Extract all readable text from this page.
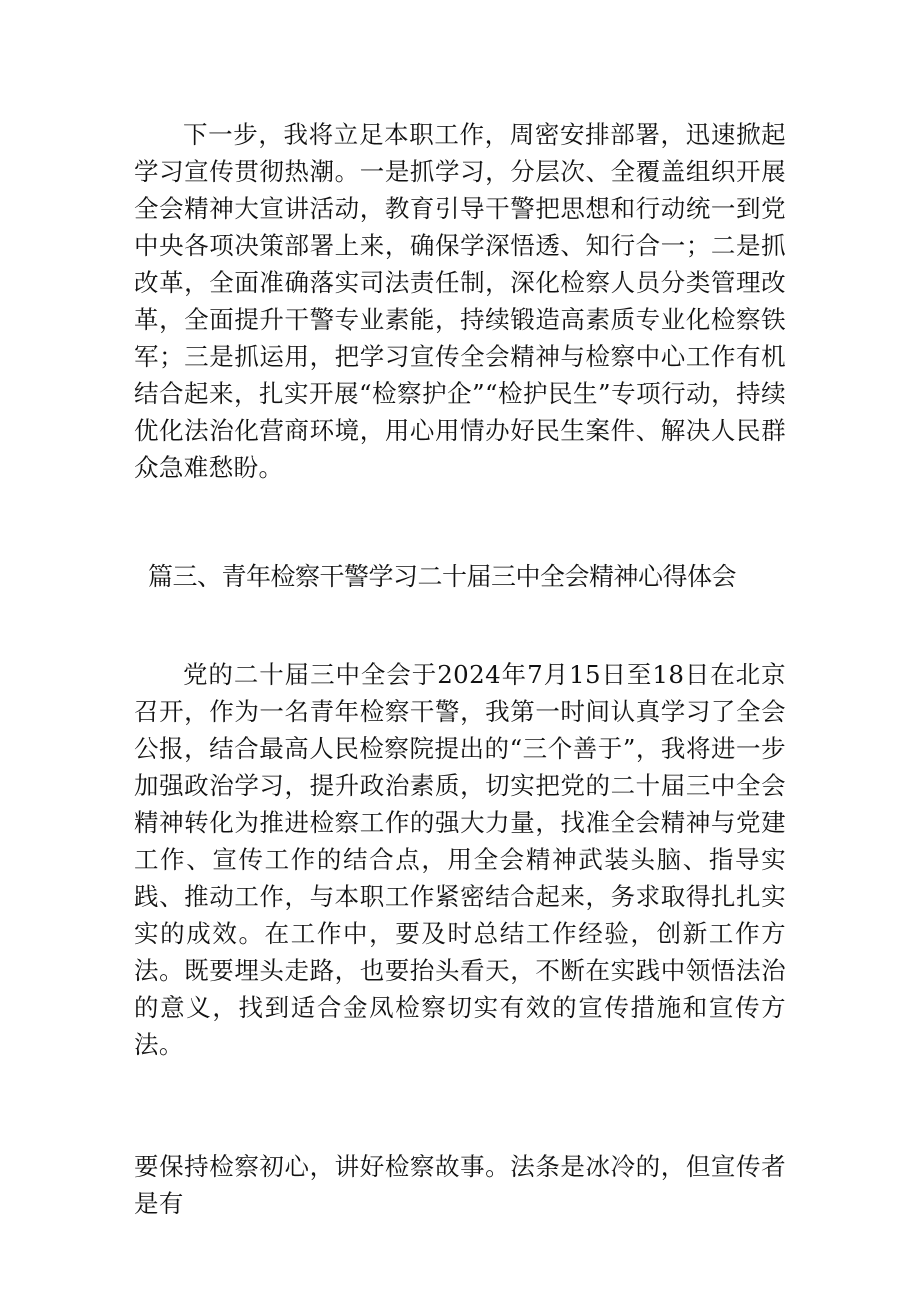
下一步，我将立足本职工作，周密安排部署，迅速掀起学习宣传贯彻热潮。一是抓学习，分层次、全覆盖组织开展全会精神大宣讲活动，教育引导干警把思想和行动统一到党中央各项决策部署上来，确保学深悟透、知行合一；二是抓改革，全面准确落实司法责任制，深化检察人员分类管理改革，全面提升干警专业素能，持续锻造高素质专业化检察铁军；三是抓运用，把学习宣传全会精神与检察中心工作有机结合起来，扎实开展“检察护企”“检护民生”专项行动，持续优化法治化营商环境，用心用情办好民生案件、解决人民群众急难愁盼。

篇三、青年检察干警学习二十届三中全会精神心得体会

党的二十届三中全会于2024年7月15日至18日在北京召开，作为一名青年检察干警，我第一时间认真学习了全会公报，结合最高人民检察院提出的“三个善于”，我将进一步加强政治学习，提升政治素质，切实把党的二十届三中全会精神转化为推进检察工作的强大力量，找准全会精神与党建工作、宣传工作的结合点，用全会精神武装头脑、指导实践、推动工作，与本职工作紧密结合起来，务求取得扎扎实实的成效。在工作中，要及时总结工作经验，创新工作方法。既要埋头走路，也要抬头看天，不断在实践中领悟法治的意义，找到适合金凤检察切实有效的宣传措施和宣传方法。

要保持检察初心，讲好检察故事。法条是冰冷的，但宣传者是有
